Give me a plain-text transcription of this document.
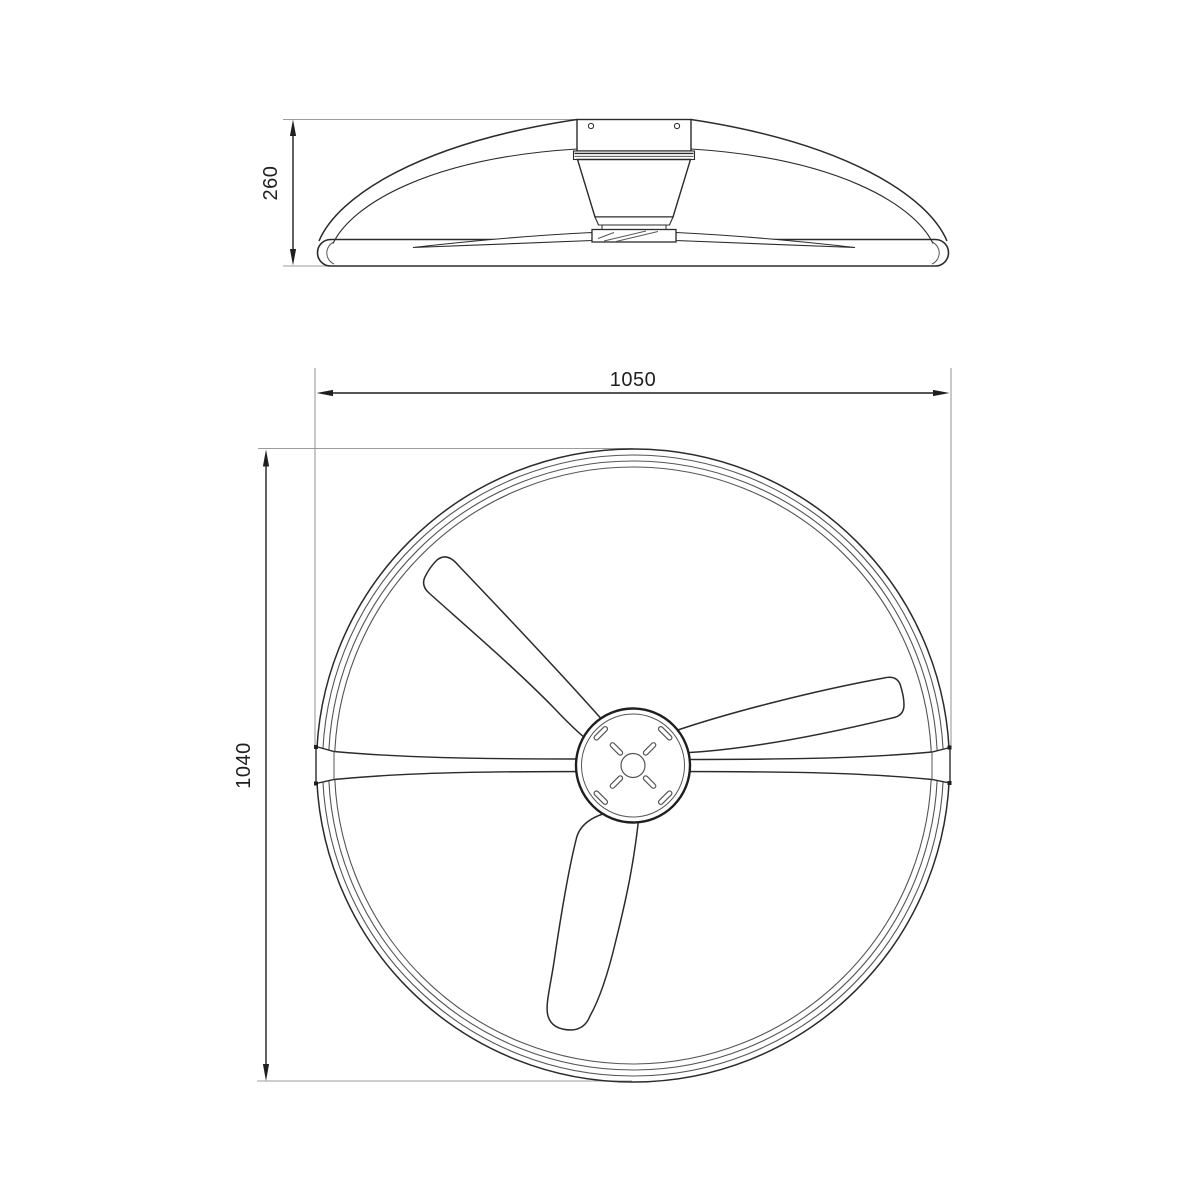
260
1050
1040
